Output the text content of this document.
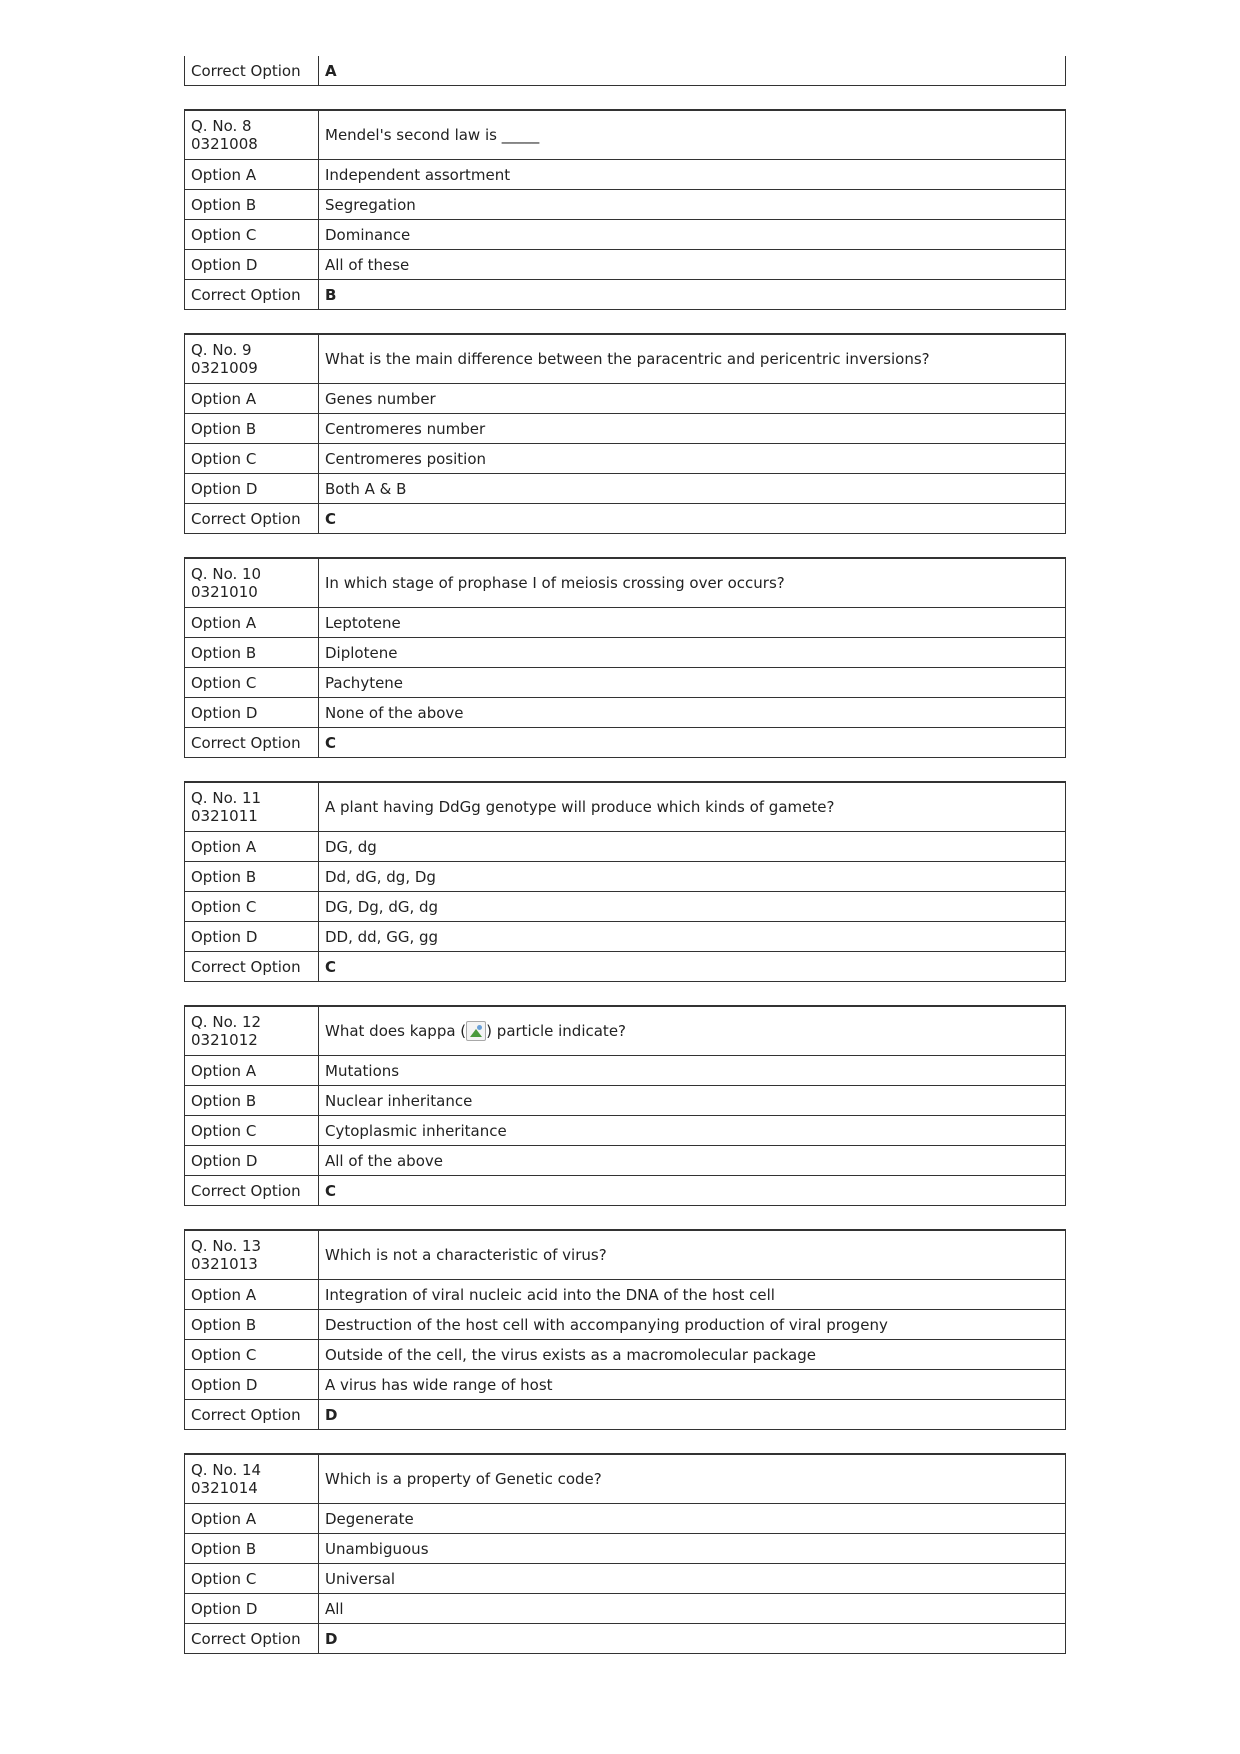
Correct Option	A
Q. No. 8
0321008	Mendel's second law is _____
Option A	Independent assortment
Option B	Segregation
Option C	Dominance
Option D	All of these
Correct Option	B
Q. No. 9
0321009	What is the main difference between the paracentric and pericentric inversions?
Option A	Genes number
Option B	Centromeres number
Option C	Centromeres position
Option D	Both A & B
Correct Option	C
Q. No. 10
0321010	In which stage of prophase I of meiosis crossing over occurs?
Option A	Leptotene
Option B	Diplotene
Option C	Pachytene
Option D	None of the above
Correct Option	C
Q. No. 11
0321011	A plant having DdGg genotype will produce which kinds of gamete?
Option A	DG, dg
Option B	Dd, dG, dg, Dg
Option C	DG, Dg, dG, dg
Option D	DD, dd, GG, gg
Correct Option	C
Q. No. 12
0321012	What does kappa ( ) particle indicate?
Option A	Mutations
Option B	Nuclear inheritance
Option C	Cytoplasmic inheritance
Option D	All of the above
Correct Option	C
Q. No. 13
0321013	Which is not a characteristic of virus?
Option A	Integration of viral nucleic acid into the DNA of the host cell
Option B	Destruction of the host cell with accompanying production of viral progeny
Option C	Outside of the cell, the virus exists as a macromolecular package
Option D	A virus has wide range of host
Correct Option	D
Q. No. 14
0321014	Which is a property of Genetic code?
Option A	Degenerate
Option B	Unambiguous
Option C	Universal
Option D	All
Correct Option	D
